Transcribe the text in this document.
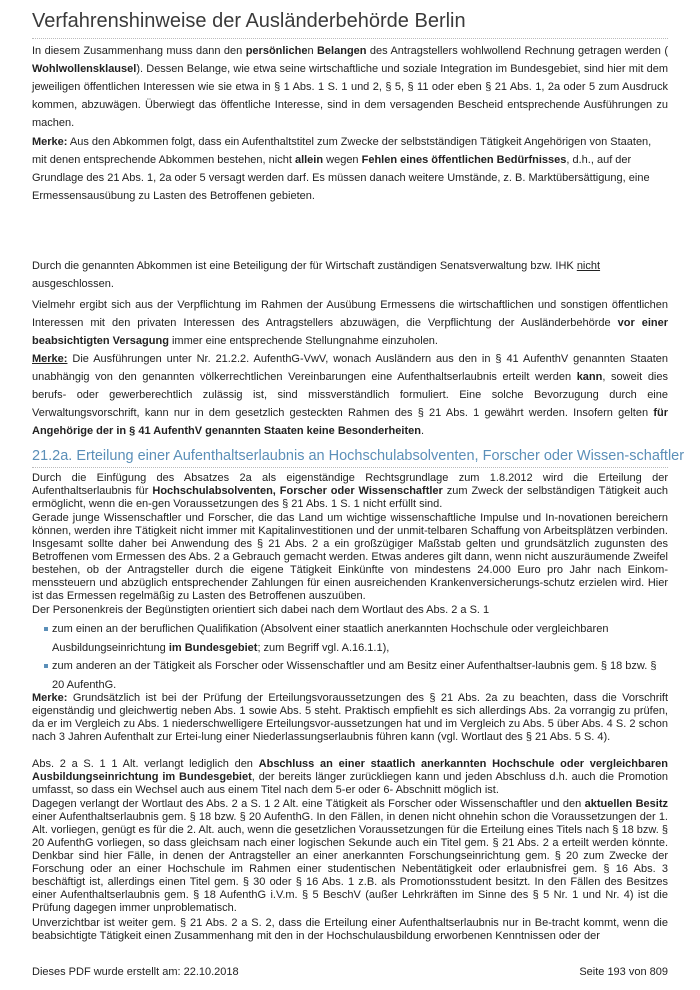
Verfahrenshinweise der Ausländerbehörde Berlin

In diesem Zusammenhang muss dann den persönlichen Belangen des Antragstellers wohlwollend Rechnung getragen werden ( Wohlwollensklausel). Dessen Belange, wie etwa seine wirtschaftliche und soziale Integration im Bundesgebiet, sind hier mit dem jeweiligen öffentlichen Interessen wie sie etwa in § 1 Abs. 1 S. 1 und 2, § 5, § 11 oder eben § 21 Abs. 1, 2a oder 5 zum Ausdruck kommen, abzuwägen. Überwiegt das öffentliche Interesse, sind in dem versagenden Bescheid entsprechende Ausführungen zu machen.

Merke: Aus den Abkommen folgt, dass ein Aufenthaltstitel zum Zwecke der selbstständigen Tätigkeit Angehörigen von Staaten, mit denen entsprechende Abkommen bestehen, nicht allein wegen Fehlen eines öffentlichen Bedürfnisses, d.h., auf der Grundlage des 21 Abs. 1, 2a oder 5 versagt werden darf. Es müssen danach weitere Umstände, z. B. Marktübersättigung, eine Ermessensausübung zu Lasten des Betroffenen gebieten.

Durch die genannten Abkommen ist eine Beteiligung der für Wirtschaft zuständigen Senatsverwaltung bzw. IHK nicht ausgeschlossen.

Vielmehr ergibt sich aus der Verpflichtung im Rahmen der Ausübung Ermessens die wirtschaftlichen und sonstigen öffentlichen Interessen mit den privaten Interessen des Antragstellers abzuwägen, die Verpflichtung der Ausländerbehörde vor einer beabsichtigten Versagung immer eine entsprechende Stellungnahme einzuholen.

Merke: Die Ausführungen unter Nr. 21.2.2. AufenthG-VwV, wonach Ausländern aus den in § 41 AufenthV genannten Staaten unabhängig von den genannten völkerrechtlichen Vereinbarungen eine Aufenthaltserlaubnis erteilt werden kann, soweit dies berufs- oder gewerberechtlich zulässig ist, sind missverständlich formuliert. Eine solche Bevorzugung durch eine Verwaltungsvorschrift, kann nur in dem gesetzlich gesteckten Rahmen des § 21 Abs. 1 gewährt werden. Insofern gelten für Angehörige der in § 41 AufenthV genannten Staaten keine Besonderheiten.

21.2a. Erteilung einer Aufenthaltserlaubnis an Hochschulabsolventen, Forscher oder Wissen-schaftler

Durch die Einfügung des Absatzes 2a als eigenständige Rechtsgrundlage zum 1.8.2012 wird die Erteilung der Aufenthaltserlaubnis für Hochschulabsolventen, Forscher oder Wissenschaftler zum Zweck der selbständigen Tätigkeit auch ermöglicht, wenn die en-gen Voraussetzungen des § 21 Abs. 1 S. 1 nicht erfüllt sind.

Gerade junge Wissenschaftler und Forscher, die das Land um wichtige wissenschaftliche Impulse und In-novationen bereichern können, werden ihre Tätigkeit nicht immer mit Kapitalinvestitionen und der unmit-telbaren Schaffung von Arbeitsplätzen verbinden. Insgesamt sollte daher bei Anwendung des § 21 Abs. 2 a ein großzügiger Maßstab gelten und grundsätzlich zugunsten des Betroffenen vom Ermessen des Abs. 2 a Gebrauch gemacht werden. Etwas anderes gilt dann, wenn nicht auszuräumende Zweifel bestehen, ob der Antragsteller durch die eigene Tätigkeit Einkünfte von mindestens 24.000 Euro pro Jahr nach Einkom-menssteuern und abzüglich entsprechender Zahlungen für einen ausreichenden Krankenversicherungs-schutz erzielen wird. Hier ist das Ermessen regelmäßig zu Lasten des Betroffenen auszuüben.

Der Personenkreis der Begünstigten orientiert sich dabei nach dem Wortlaut des Abs. 2 a S. 1

zum einen an der beruflichen Qualifikation (Absolvent einer staatlich anerkannten Hochschule oder vergleichbaren Ausbildungseinrichtung im Bundesgebiet; zum Begriff vgl. A.16.1.1),
zum anderen an der Tätigkeit als Forscher oder Wissenschaftler und am Besitz einer Aufenthaltser-laubnis gem. § 18 bzw. § 20 AufenthG.

Merke: Grundsätzlich ist bei der Prüfung der Erteilungsvoraussetzungen des § 21 Abs. 2a zu beachten, dass die Vorschrift eigenständig und gleichwertig neben Abs. 1 sowie Abs. 5 steht. Praktisch empfiehlt es sich allerdings Abs. 2a vorrangig zu prüfen, da er im Vergleich zu Abs. 1 niederschwelligere Erteilungsvor-aussetzungen hat und im Vergleich zu Abs. 5 über Abs. 4 S. 2 schon nach 3 Jahren Aufenthalt zur Ertei-lung einer Niederlassungserlaubnis führen kann (vgl. Wortlaut des § 21 Abs. 5 S. 4).

Abs. 2 a S. 1 1 Alt. verlangt lediglich den Abschluss an einer staatlich anerkannten Hochschule oder vergleichbaren Ausbildungseinrichtung im Bundesgebiet, der bereits länger zurückliegen kann und jeden Abschluss d.h. auch die Promotion umfasst, so dass ein Wechsel auch aus einem Titel nach dem 5-er oder 6- Abschnitt möglich ist.

Dagegen verlangt der Wortlaut des Abs. 2 a S. 1 2 Alt. eine Tätigkeit als Forscher oder Wissenschaftler und den aktuellen Besitz einer Aufenthaltserlaubnis gem. § 18 bzw. § 20 AufenthG. In den Fällen, in denen nicht ohnehin schon die Voraussetzungen der 1. Alt. vorliegen, genügt es für die 2. Alt. auch, wenn die gesetzlichen Voraussetzungen für die Erteilung eines Titels nach § 18 bzw. § 20 AufenthG vorliegen, so dass gleichsam nach einer logischen Sekunde auch ein Titel gem. § 21 Abs. 2 a erteilt werden könnte. Denkbar sind hier Fälle, in denen der Antragsteller an einer anerkannten Forschungseinrichtung gem. § 20 zum Zwecke der Forschung oder an einer Hochschule im Rahmen einer studentischen Nebentätigkeit oder erlaubnisfrei gem. § 16 Abs. 3 beschäftigt ist, allerdings einen Titel gem. § 30 oder § 16 Abs. 1 z.B. als Promotionsstudent besitzt. In den Fällen des Besitzes einer Aufenthaltserlaubnis gem. § 18 AufenthG i.V.m. § 5 BeschV (außer Lehrkräften im Sinne des § 5 Nr. 1 und Nr. 4) ist die Prüfung dagegen immer unproblematisch.

Unverzichtbar ist weiter gem. § 21 Abs. 2 a S. 2, dass die Erteilung einer Aufenthaltserlaubnis nur in Be-tracht kommt, wenn die beabsichtigte Tätigkeit einen Zusammenhang mit den in der Hochschulausbildung erworbenen Kenntnissen oder der

Dieses PDF wurde erstellt am: 22.10.2018	Seite 193 von 809
